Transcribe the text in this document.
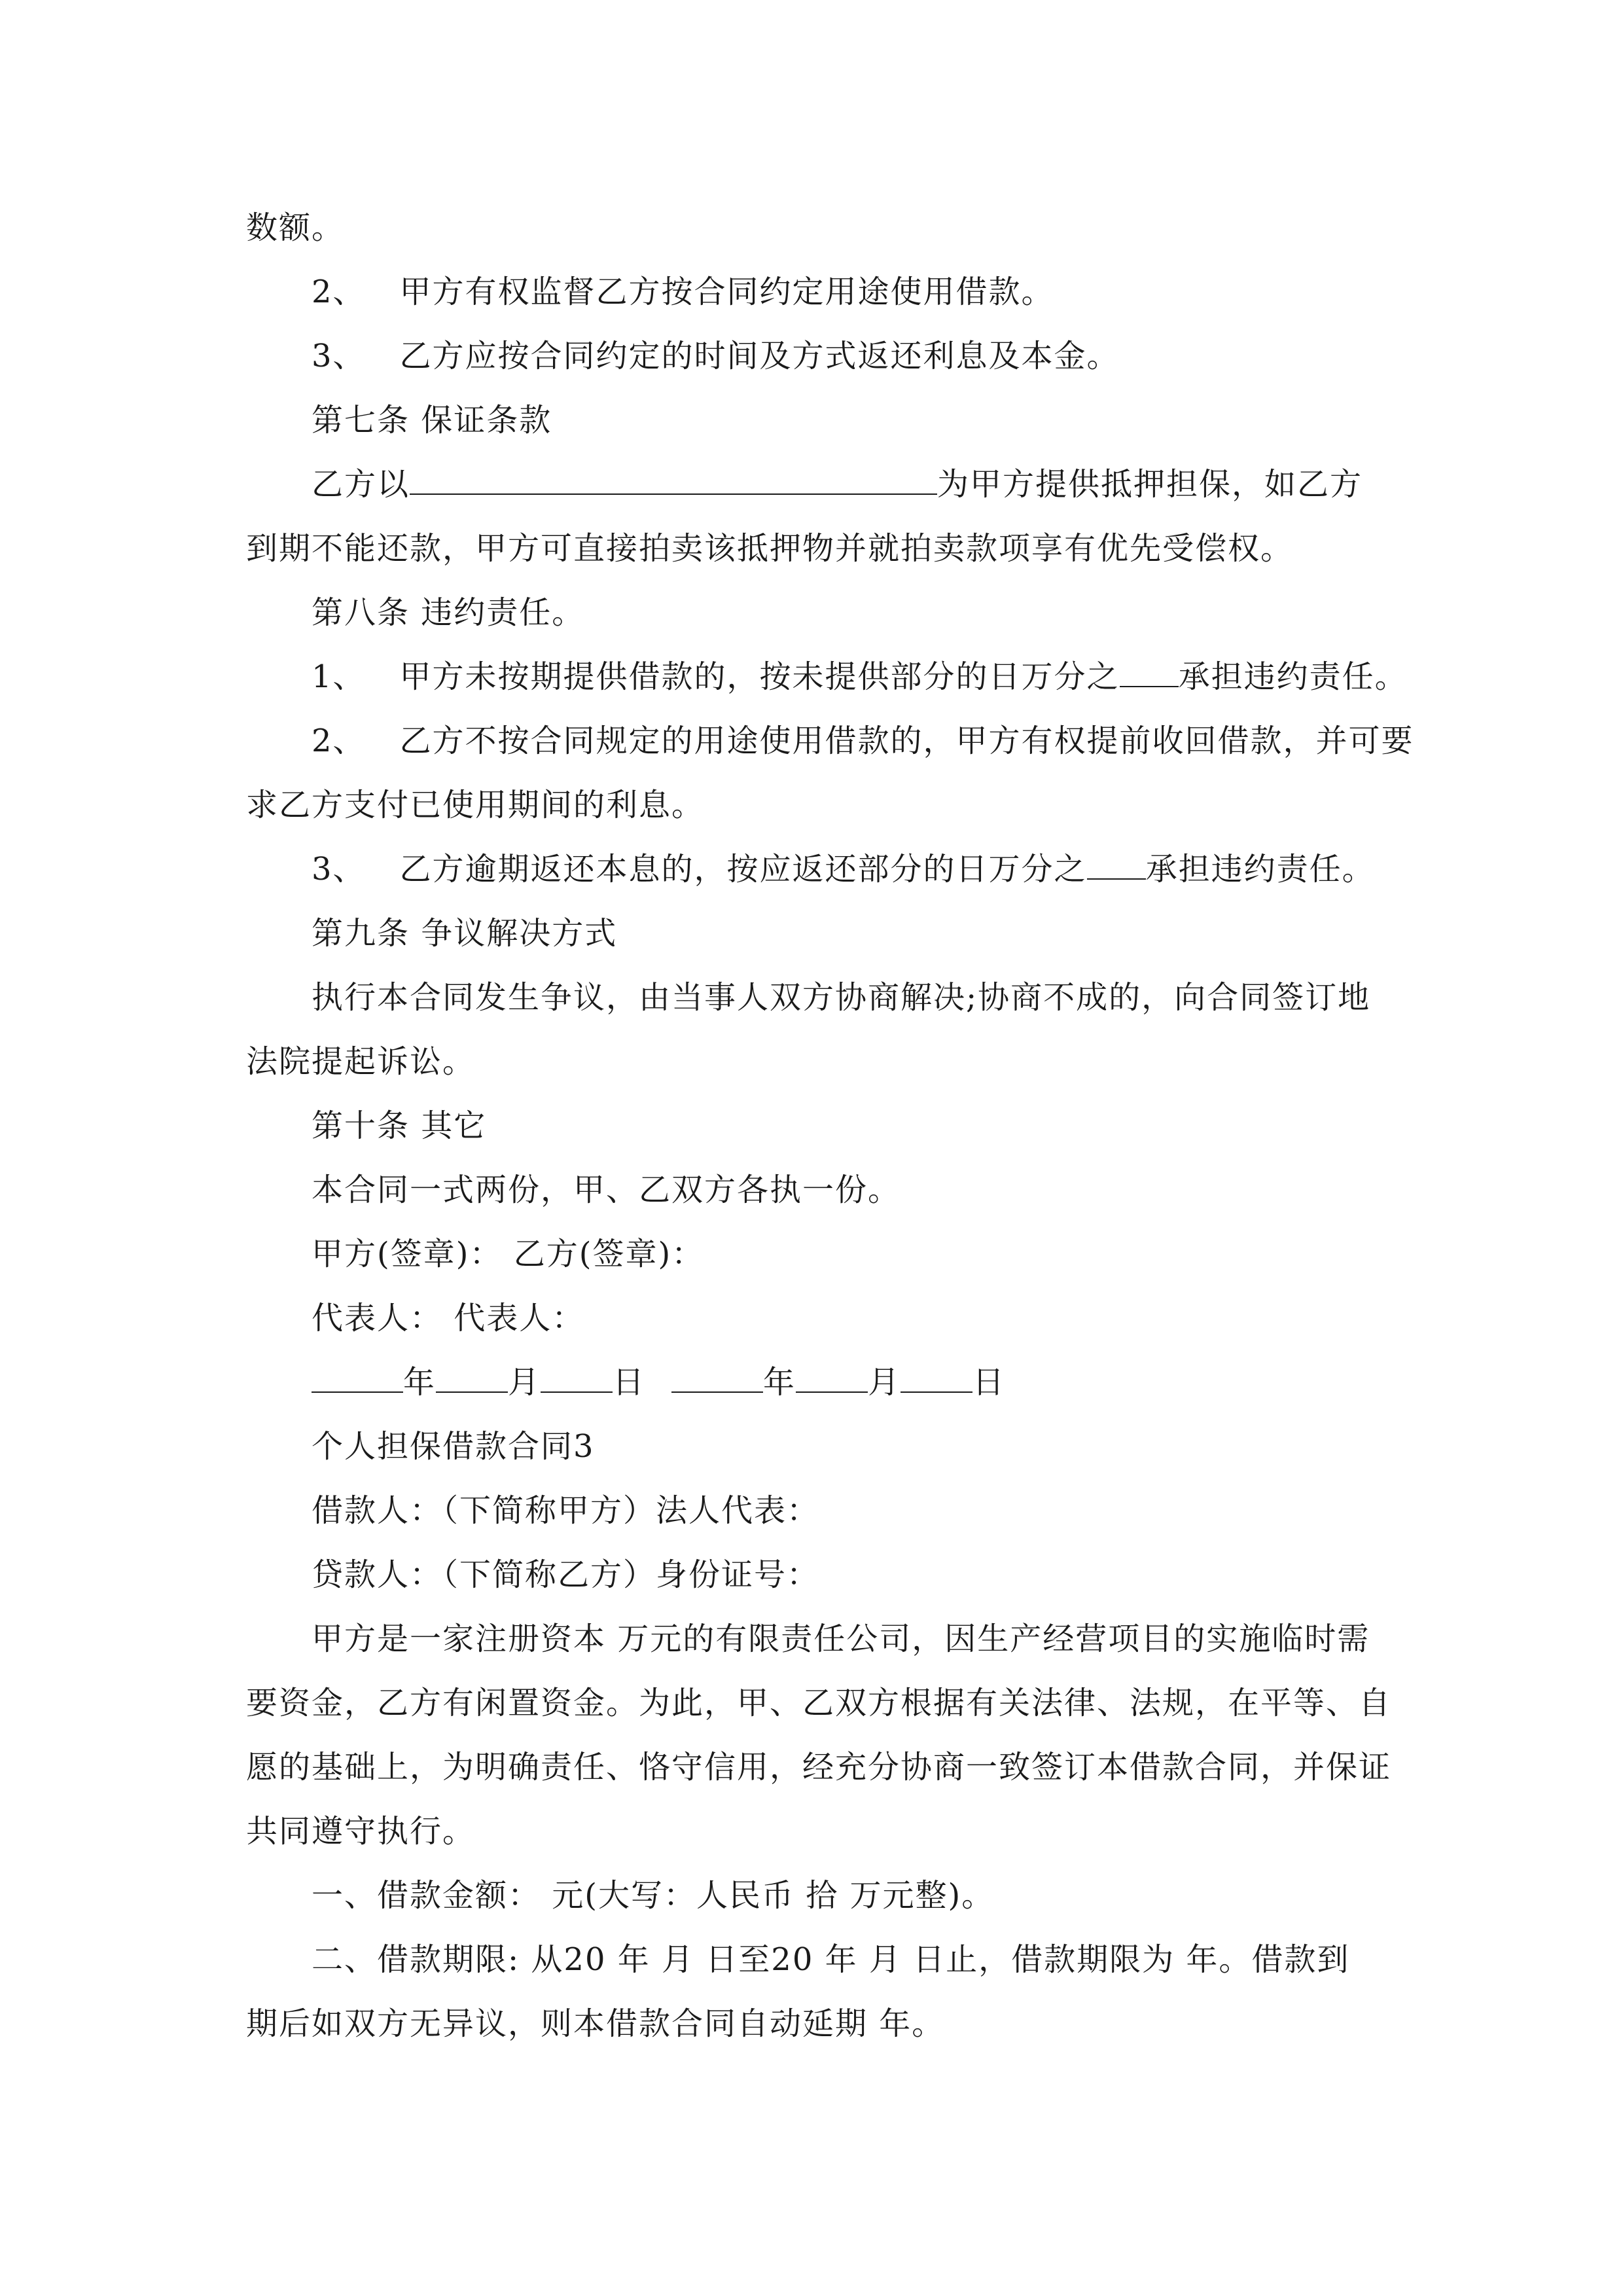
数额。
2、 甲方有权监督乙方按合同约定用途使用借款。
3、 乙方应按合同约定的时间及方式返还利息及本金。
第七条 保证条款
乙方以	为甲方提供抵押担保，如乙方
到期不能还款，甲方可直接拍卖该抵押物并就拍卖款项享有优先受偿权。
第八条 违约责任。
1、 甲方未按期提供借款的，按未提供部分的日万分之 承担违约责任。
2、 乙方不按合同规定的用途使用借款的，甲方有权提前收回借款，并可要
求乙方支付已使用期间的利息。
3、 乙方逾期返还本息的，按应返还部分的日万分之 承担违约责任。
第九条 争议解决方式
执行本合同发生争议，由当事人双方协商解决;协商不成的，向合同签订地
法院提起诉讼。
第十条 其它
本合同一式两份，甲、乙双方各执一份。
甲方(签章)： 乙方(签章)：
代表人： 代表人：
年 月 日	年 月 日
个人担保借款合同3
借款人：（下简称甲方）法人代表：
贷款人：（下简称乙方）身份证号：
甲方是一家注册资本 万元的有限责任公司，因生产经营项目的实施临时需
要资金，乙方有闲置资金。为此，甲、乙双方根据有关法律、法规，在平等、自
愿的基础上，为明确责任、恪守信用，经充分协商一致签订本借款合同，并保证
共同遵守执行。
一、借款金额： 元(大写：人民币 拾 万元整)。
二、借款期限: 从20 年 月 日至20 年 月 日止，借款期限为 年。借款到
期后如双方无异议，则本借款合同自动延期 年。
